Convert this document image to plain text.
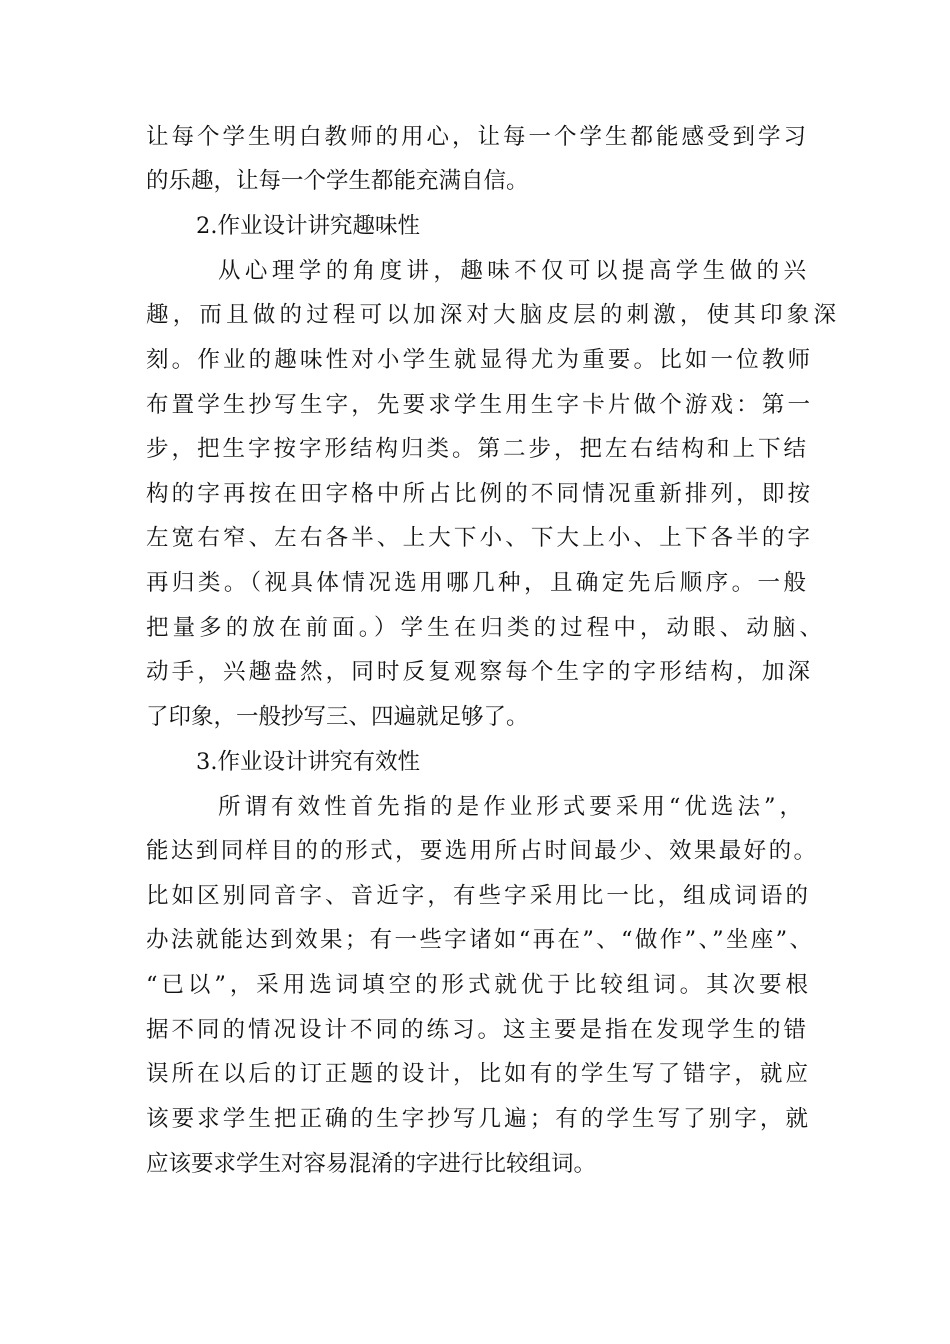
让每个学生明白教师的用心，让每一个学生都能感受到学习
的乐趣，让每一个学生都能充满自信。
2.作业设计讲究趣味性
从心理学的角度讲，趣味不仅可以提高学生做的兴
趣，而且做的过程可以加深对大脑皮层的刺激，使其印象深
刻。作业的趣味性对小学生就显得尤为重要。比如一位教师
布置学生抄写生字，先要求学生用生字卡片做个游戏：第一
步，把生字按字形结构归类。第二步，把左右结构和上下结
构的字再按在田字格中所占比例的不同情况重新排列，即按
左宽右窄、左右各半、上大下小、下大上小、上下各半的字
再归类。（视具体情况选用哪几种，且确定先后顺序。一般
把量多的放在前面。）学生在归类的过程中，动眼、动脑、
动手，兴趣盎然，同时反复观察每个生字的字形结构，加深
了印象，一般抄写三、四遍就足够了。
3.作业设计讲究有效性
所谓有效性首先指的是作业形式要采用“优选法”，
能达到同样目的的形式，要选用所占时间最少、效果最好的。
比如区别同音字、音近字，有些字采用比一比，组成词语的
办法就能达到效果；有一些字诸如“再在”、“做作”、”坐座”、
“已以”，采用选词填空的形式就优于比较组词。其次要根
据不同的情况设计不同的练习。这主要是指在发现学生的错
误所在以后的订正题的设计，比如有的学生写了错字，就应
该要求学生把正确的生字抄写几遍；有的学生写了别字，就
应该要求学生对容易混淆的字进行比较组词。
